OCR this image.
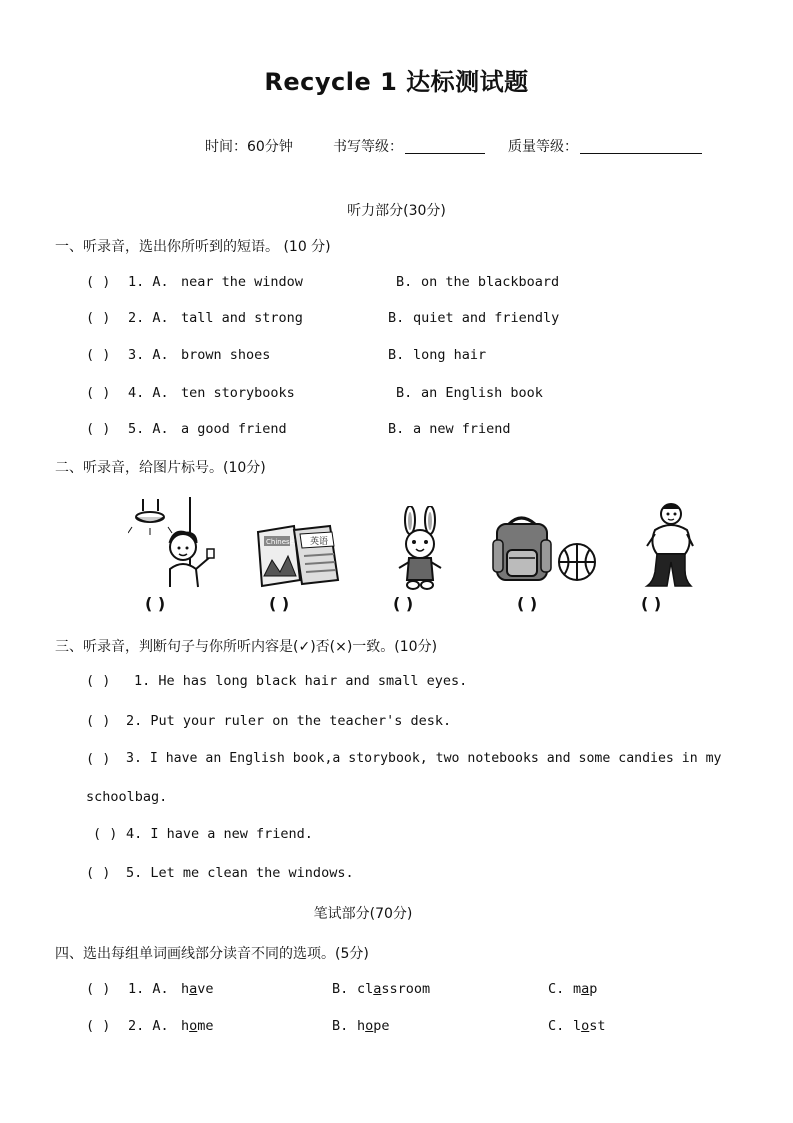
Recycle 1 达标测试题
时间：60分钟	书写等级：	质量等级：
听力部分(30分)
一、听录音，选出你所听到的短语。 (10 分)
( ) 1. A. near the window	B. on the blackboard
( ) 2. A. tall and strong	B. quiet and friendly
( ) 3. A. brown shoes	B. long hair
( ) 4. A. ten storybooks	B. an English book
( ) 5. A. a good friend	B. a new friend
二、听录音，给图片标号。(10分)
Chinese 英语
( )	( )	( )	( )	( )
三、听录音，判断句子与你所听内容是(✓)否(×)一致。(10分)
( ) 1. He has long black hair and small eyes.
( ) 2. Put your ruler on the teacher's desk.
( ) 3. I have an English book,a storybook, two notebooks and some candies in my
schoolbag.
( ) 4. I have a new friend.
( ) 5. Let me clean the windows.
笔试部分(70分)
四、选出每组单词画线部分读音不同的选项。(5分)
( ) 1. A. have	B. classroom	C. map
( ) 2. A. home	B. hope	C. lost
